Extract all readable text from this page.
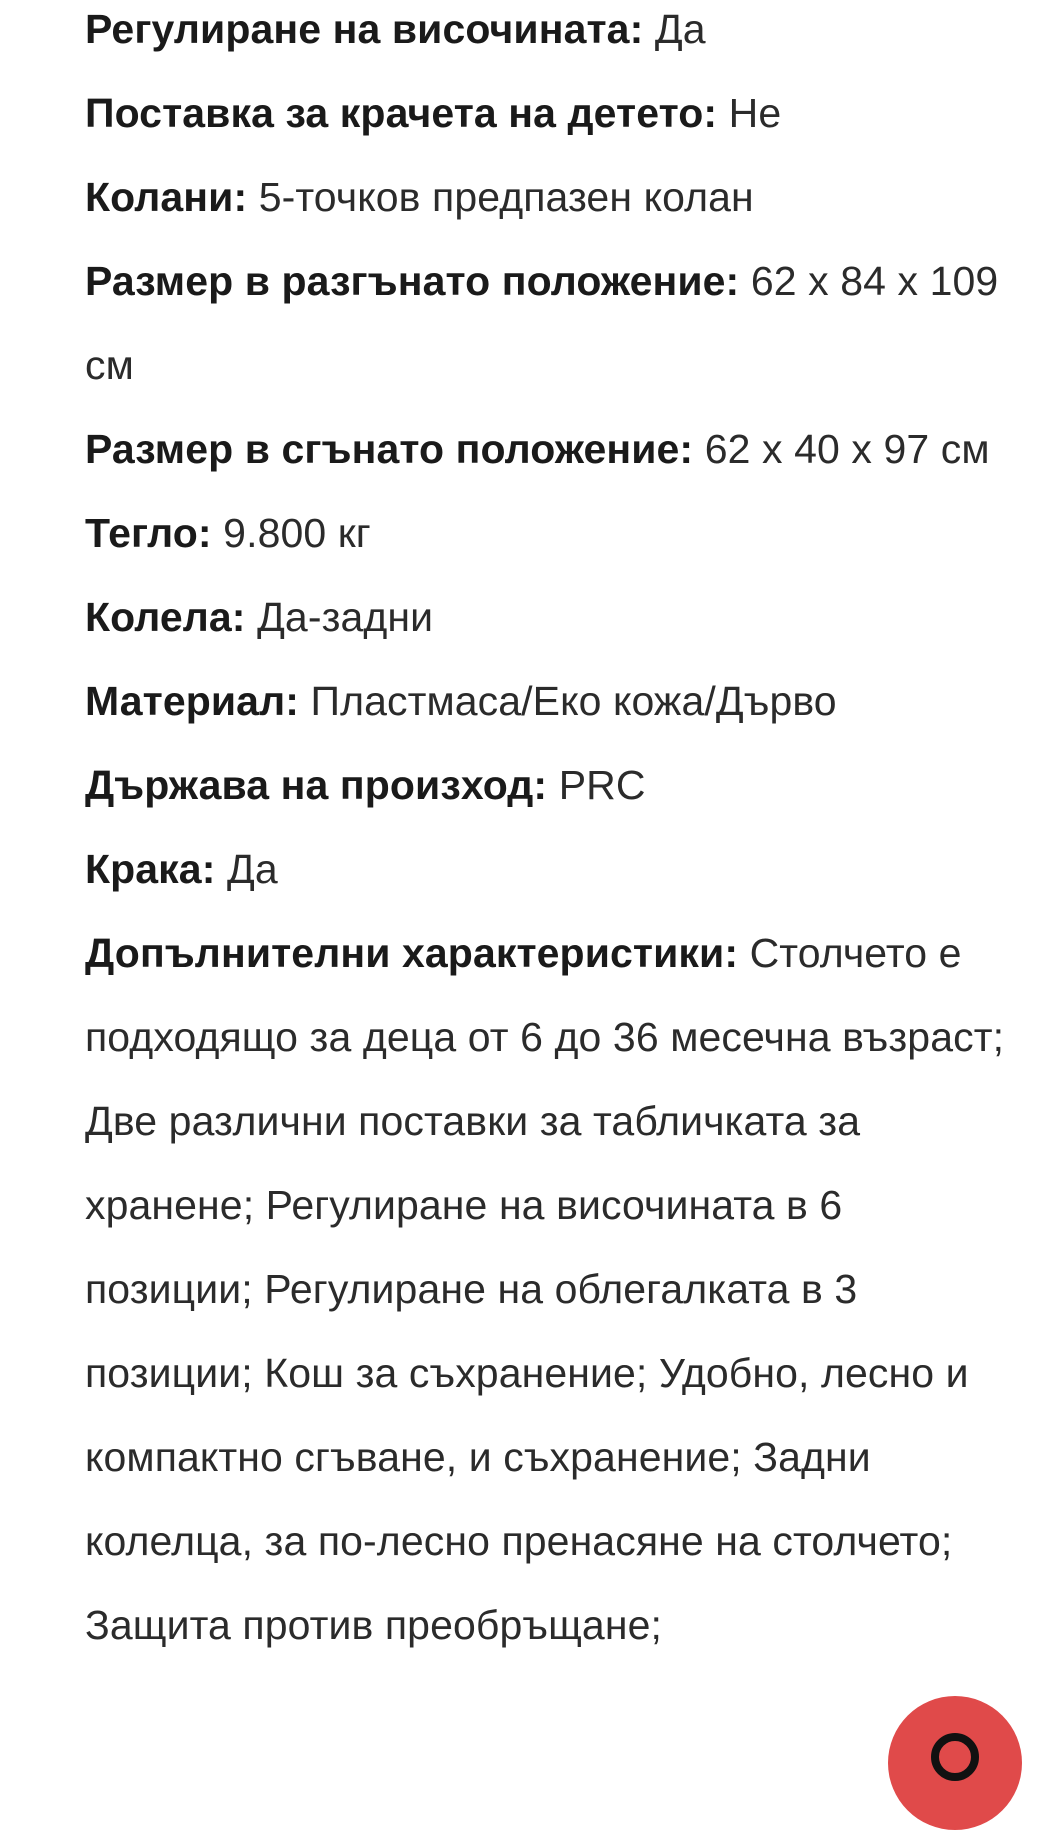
Регулиране на височината: Да

Поставка за крачета на детето: Не

Колани: 5-точков предпазен колан

Размер в разгънато положение: 62 x 84 x 109 см

Размер в сгънато положение: 62 x 40 x 97 см

Тегло: 9.800 кг

Колела: Да-задни

Материал: Пластмаса/Еко кожа/Дърво

Държава на произход: PRC

Крака: Да

Допълнителни характеристики: Столчето е подходящо за деца от 6 до 36 месечна възраст; Две различни поставки за табличката за хранене; Регулиране на височината в 6 позиции; Регулиране на облегалката в 3 позиции; Кош за съхранение; Удобно, лесно и компактно сгъване, и съхранение; Задни колелца, за по-лесно пренасяне на столчето; Защита против преобръщане;
